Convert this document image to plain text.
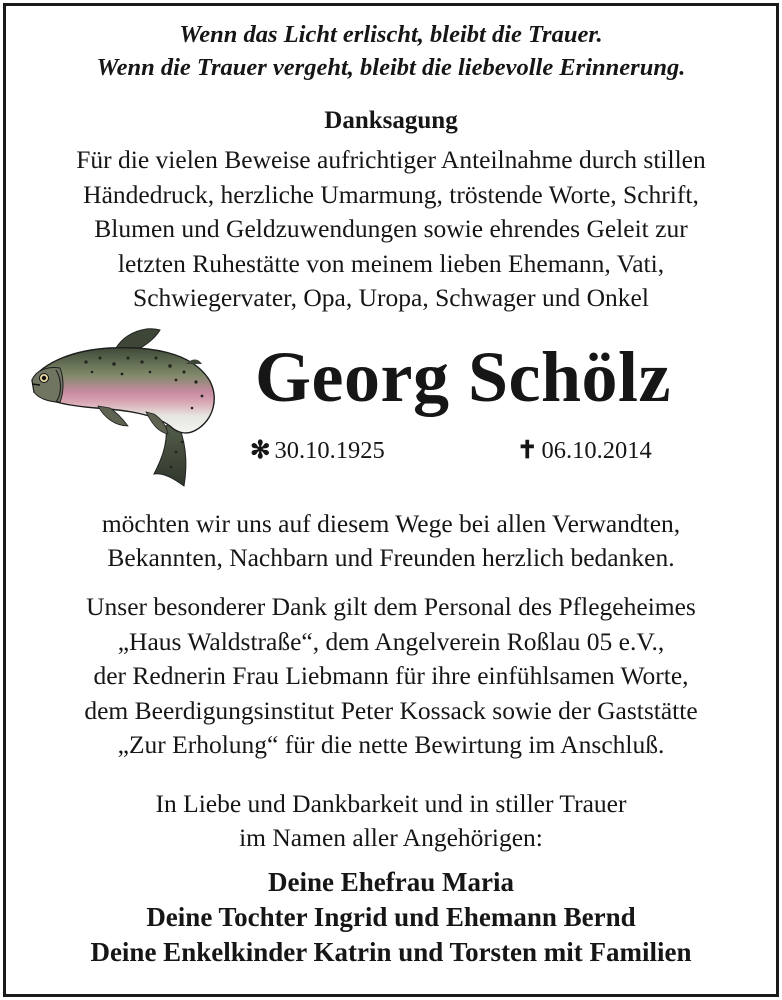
Wenn das Licht erlischt, bleibt die Trauer.
Wenn die Trauer vergeht, bleibt die liebevolle Erinnerung.
Danksagung
Für die vielen Beweise aufrichtiger Anteilnahme durch stillen
Händedruck, herzliche Umarmung, tröstende Worte, Schrift,
Blumen und Geldzuwendungen sowie ehrendes Geleit zur
letzten Ruhestätte von meinem lieben Ehemann, Vati,
Schwiegervater, Opa, Uropa, Schwager und Onkel
Georg Schölz
✻ 30.10.1925	✝ 06.10.2014
möchten wir uns auf diesem Wege bei allen Verwandten,
Bekannten, Nachbarn und Freunden herzlich bedanken.
Unser besonderer Dank gilt dem Personal des Pflegeheimes
„Haus Waldstraße“, dem Angelverein Roßlau 05 e.V.,
der Rednerin Frau Liebmann für ihre einfühlsamen Worte,
dem Beerdigungsinstitut Peter Kossack sowie der Gaststätte
„Zur Erholung“ für die nette Bewirtung im Anschluß.
In Liebe und Dankbarkeit und in stiller Trauer
im Namen aller Angehörigen:
Deine Ehefrau Maria
Deine Tochter Ingrid und Ehemann Bernd
Deine Enkelkinder Katrin und Torsten mit Familien
